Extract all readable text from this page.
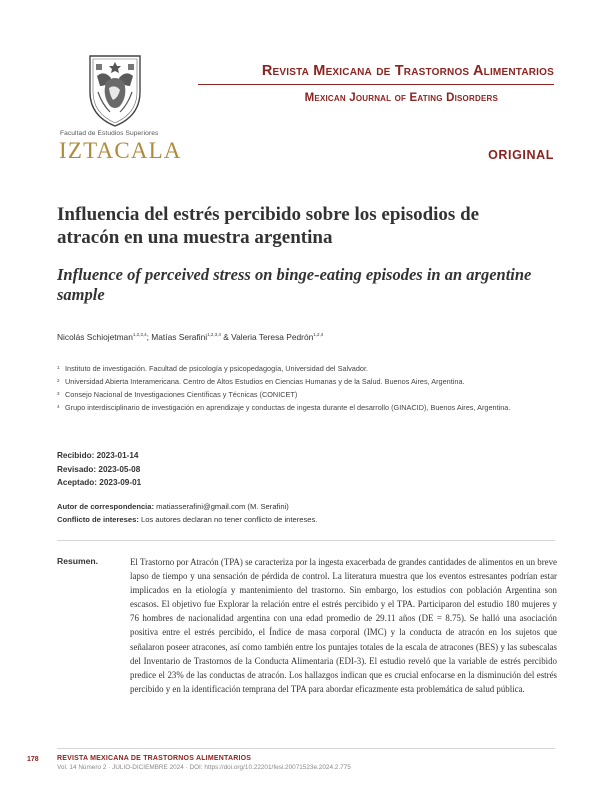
Facultad de Estudios Superiores
IZTACALA
Revista Mexicana de Trastornos Alimentarios
Mexican Journal of Eating Disorders
ORIGINAL
Influencia del estrés percibido sobre los episodios de atracón en una muestra argentina
Influence of perceived stress on binge-eating episodes in an argentine sample
Nicolás Schiojetman$^{1,2,3,4}$; Matías Serafini$^{1,2,3,4}$ & Valeria Teresa Pedrón$^{1,2,4}$
1 Instituto de investigación. Facultad de psicología y psicopedagogía, Universidad del Salvador.
2 Universidad Abierta Interamericana. Centro de Altos Estudios en Ciencias Humanas y de la Salud. Buenos Aires, Argentina.
3 Consejo Nacional de Investigaciones Científicas y Técnicas (CONICET)
4 Grupo interdisciplinario de investigación en aprendizaje y conductas de ingesta durante el desarrollo (GINACID), Buenos Aires, Argentina.
Recibido: 2023-01-14
Revisado: 2023-05-08
Aceptado: 2023-09-01
Autor de correspondencia: matiasserafini@gmail.com (M. Serafini)
Conflicto de intereses: Los autores declaran no tener conflicto de intereses.
Resumen.	El Trastorno por Atracón (TPA) se caracteriza por la ingesta exacerbada de grandes cantidades de alimentos en un breve lapso de tiempo y una sensación de pérdida de control. La literatura muestra que los eventos estresantes podrían estar implicados en la etiología y mantenimiento del trastorno. Sin embargo, los estudios con población Argentina son escasos. El objetivo fue Explorar la relación entre el estrés percibido y el TPA. Participaron del estudio 180 mujeres y 76 hombres de nacionalidad argentina con una edad promedio de 29.11 años (DE = 8.75). Se halló una asociación positiva entre el estrés percibido, el Índice de masa corporal (IMC) y la conducta de atracón en los sujetos que señalaron poseer atracones, así como también entre los puntajes totales de la escala de atracones (BES) y las subescalas del Inventario de Trastornos de la Conducta Alimentaria (EDI-3). El estudio reveló que la variable de estrés percibido predice el 23% de las conductas de atracón. Los hallazgos indican que es crucial enfocarse en la disminución del estrés percibido y en la identificación temprana del TPA para abordar eficazmente esta problemática de salud pública.
178	REVISTA MEXICANA DE TRASTORNOS ALIMENTARIOS
Vol. 14 Número 2 · JULIO-DICIEMBRE 2024 · DOI: https://doi.org/10.22201/fesi.20071523e.2024.2.775
